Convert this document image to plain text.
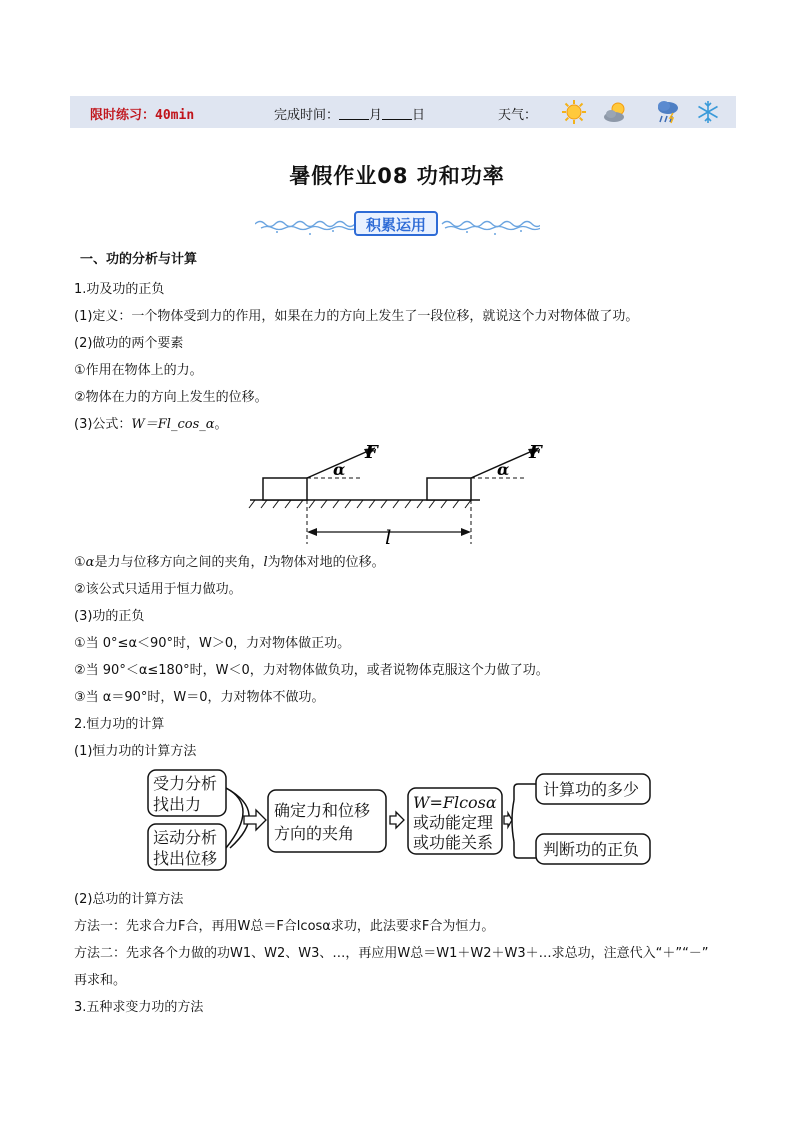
限时练习：40min	完成时间： 月 日	天气：
暑假作业08 功和功率
积累运用
一、功的分析与计算
1.功及功的正负
(1)定义：一个物体受到力的作用，如果在力的方向上发生了一段位移，就说这个力对物体做了功。
(2)做功的两个要素
①作用在物体上的力。
②物体在力的方向上发生的位移。
(3)公式：W＝Fl_cos_α。
F	F
α	α
l
①α是力与位移方向之间的夹角，l为物体对地的位移。
②该公式只适用于恒力做功。
(3)功的正负
①当 0°≤α＜90°时，W＞0，力对物体做正功。
②当 90°＜α≤180°时，W＜0，力对物体做负功，或者说物体克服这个力做了功。
③当 α＝90°时，W＝0，力对物体不做功。
2.恒力功的计算
(1)恒力功的计算方法
受力分析
找出力
运动分析
找出位移
确定力和位移
方向的夹角
W=Flcosα
或动能定理
或功能关系
计算功的多少
判断功的正负
(2)总功的计算方法
方法一：先求合力F合，再用W总＝F合lcosα求功，此法要求F合为恒力。
方法二：先求各个力做的功W1、W2、W3、…，再应用W总＝W1＋W2＋W3＋…求总功，注意代入“＋”“－”
再求和。
3.五种求变力功的方法
